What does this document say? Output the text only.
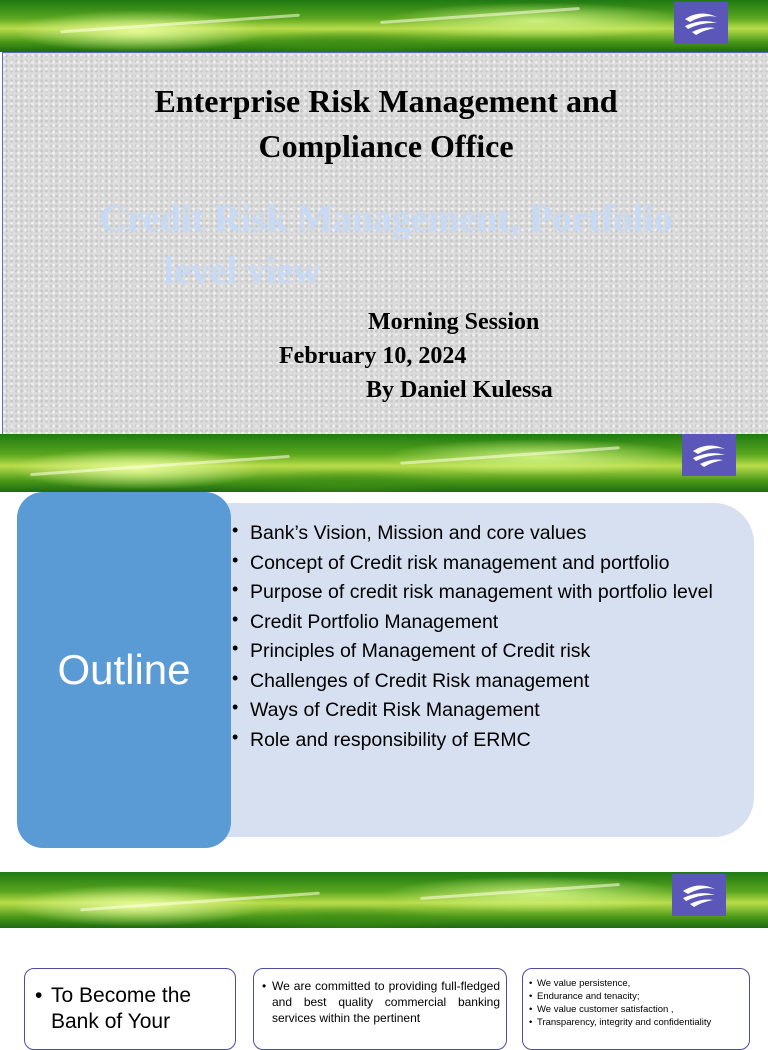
Enterprise Risk Management and
Compliance Office
Credit Risk Management, Portfolio
level view
Morning Session
February 10, 2024
By Daniel Kulessa
Outline
• Bank’s Vision, Mission and core values
• Concept of Credit risk management and portfolio
• Purpose of credit risk management with portfolio level
• Credit Portfolio Management
• Principles of Management of Credit risk
• Challenges of Credit Risk management
• Ways of Credit Risk Management
• Role and responsibility of ERMC
• To Become the Bank of Your
• We are committed to providing full-fledged and best quality commercial banking services within the pertinent
• We value persistence,
• Endurance and tenacity;
• We value customer satisfaction ,
• Transparency, integrity and confidentiality
